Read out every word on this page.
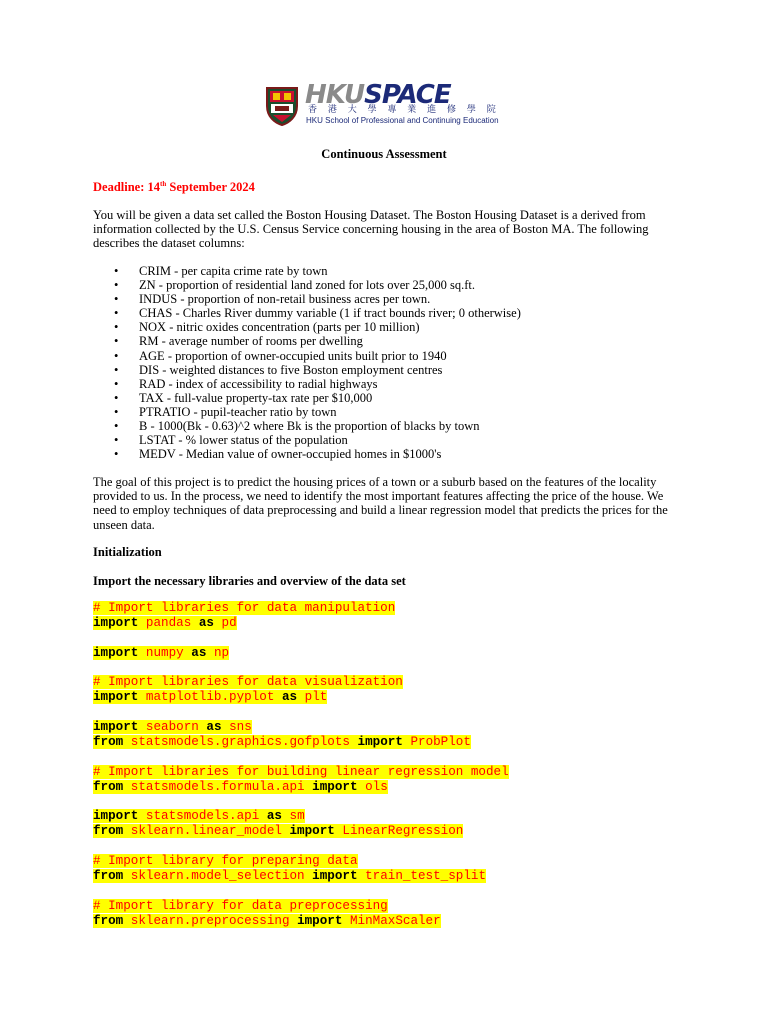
HKUSPACE
香 港 大 學 專 業 進 修 學 院
HKU School of Professional and Continuing Education
Continuous Assessment
Deadline: 14th September 2024
You will be given a data set called the Boston Housing Dataset. The Boston Housing Dataset is a derived from information collected by the U.S. Census Service concerning housing in the area of Boston MA. The following describes the dataset columns:
• CRIM - per capita crime rate by town
• ZN - proportion of residential land zoned for lots over 25,000 sq.ft.
• INDUS - proportion of non-retail business acres per town.
• CHAS - Charles River dummy variable (1 if tract bounds river; 0 otherwise)
• NOX - nitric oxides concentration (parts per 10 million)
• RM - average number of rooms per dwelling
• AGE - proportion of owner-occupied units built prior to 1940
• DIS - weighted distances to five Boston employment centres
• RAD - index of accessibility to radial highways
• TAX - full-value property-tax rate per $10,000
• PTRATIO - pupil-teacher ratio by town
• B - 1000(Bk - 0.63)^2 where Bk is the proportion of blacks by town
• LSTAT - % lower status of the population
• MEDV - Median value of owner-occupied homes in $1000's
The goal of this project is to predict the housing prices of a town or a suburb based on the features of the locality provided to us. In the process, we need to identify the most important features affecting the price of the house. We need to employ techniques of data preprocessing and build a linear regression model that predicts the prices for the unseen data.
Initialization
Import the necessary libraries and overview of the data set
# Import libraries for data manipulation
import pandas as pd
import numpy as np
# Import libraries for data visualization
import matplotlib.pyplot as plt
import seaborn as sns
from statsmodels.graphics.gofplots import ProbPlot
# Import libraries for building linear regression model
from statsmodels.formula.api import ols
import statsmodels.api as sm
from sklearn.linear_model import LinearRegression
# Import library for preparing data
from sklearn.model_selection import train_test_split
# Import library for data preprocessing
from sklearn.preprocessing import MinMaxScaler
